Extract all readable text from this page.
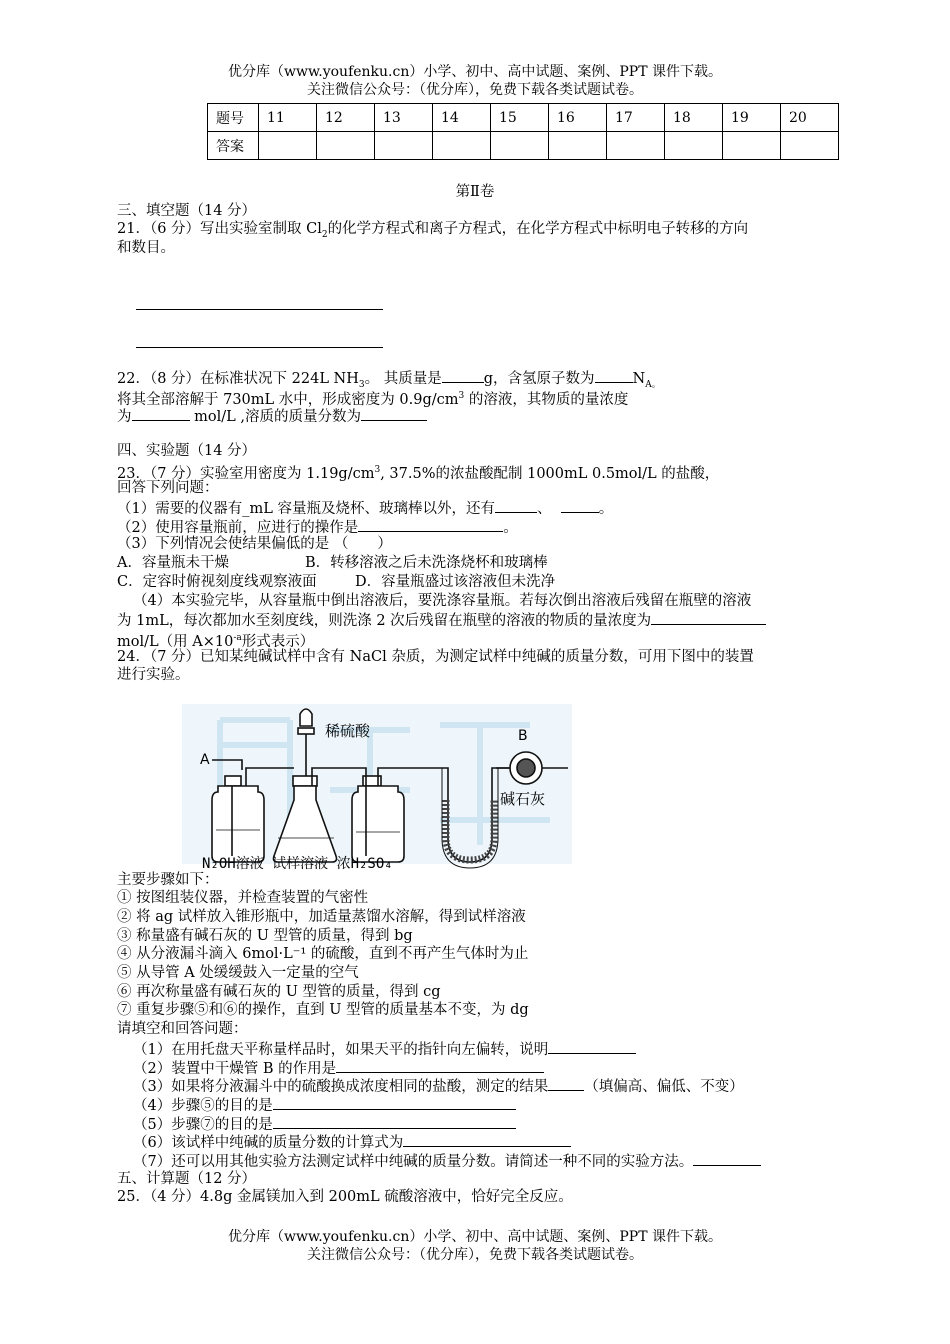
优分库（www.youfenku.cn）小学、初中、高中试题、案例、PPT 课件下载。
关注微信公众号：（优分库），免费下载各类试题试卷。
题号	11	12	13	14	15	16	17	18	19	20
答案										
第Ⅱ卷
三、填空题（14 分）
21．（6 分）写出实验室制取 $Cl_2$的化学方程式和离子方程式，在化学方程式中标明电子转移的方向
和数目。
22．（8 分）在标准状况下 224L $NH_3$。 其质量是	g，含氢原子数为	$N_{A。}$
将其全部溶解于 730mL 水中，形成密度为 $0.9g/cm^3$ 的溶液，其物质的量浓度
为	mol/L ,溶质的质量分数为
四、实验题（14 分）
23．（7 分）实验室用密度为 $1.19g/cm^3$, 37.5%的浓盐酸配制 1000mL 0.5mol/L 的盐酸，
回答下列问题：
（1）需要的仪器有_mL 容量瓶及烧杯、玻璃棒以外，还有	、	。
（2）使用容量瓶前，应进行的操作是	。
（3）下列情况会使结果偏低的是 （　　）
A．容量瓶未干燥	B．转移溶液之后未洗涤烧杯和玻璃棒
C．定容时俯视刻度线观察液面	D．容量瓶盛过该溶液但未洗净
（4）本实验完毕，从容量瓶中倒出溶液后，要洗涤容量瓶。若每次倒出溶液后残留在瓶壁的溶液
为 1mL，每次都加水至刻度线，则洗涤 2 次后残留在瓶壁的溶液的物质的量浓度为
mol/L（用 $A\times 10^{-a}$形式表示）
24．（7 分）已知某纯碱试样中含有 NaCl 杂质，为测定试样中纯碱的质量分数，可用下图中的装置
进行实验。
稀硫酸
A
B
碱石灰
N₂OH溶液 试样溶液 浓H₂SO₄
主要步骤如下：
① 按图组装仪器，并检查装置的气密性
② 将 ag 试样放入锥形瓶中，加适量蒸馏水溶解，得到试样溶液
③ 称量盛有碱石灰的 U 型管的质量，得到 bg
④ 从分液漏斗滴入 6mol·L⁻¹ 的硫酸，直到不再产生气体时为止
⑤ 从导管 A 处缓缓鼓入一定量的空气
⑥ 再次称量盛有碱石灰的 U 型管的质量，得到 cg
⑦ 重复步骤⑤和⑥的操作，直到 U 型管的质量基本不变，为 dg
请填空和回答问题：
（1）在用托盘天平称量样品时，如果天平的指针向左偏转，说明
（2）装置中干燥管 B 的作用是
（3）如果将分液漏斗中的硫酸换成浓度相同的盐酸，测定的结果 （填偏高、偏低、不变）
（4）步骤⑤的目的是
（5）步骤⑦的目的是
（6）该试样中纯碱的质量分数的计算式为
（7）还可以用其他实验方法测定试样中纯碱的质量分数。请简述一种不同的实验方法。
五、计算题（12 分）
25．（4 分）4.8g 金属镁加入到 200mL 硫酸溶液中，恰好完全反应。
优分库（www.youfenku.cn）小学、初中、高中试题、案例、PPT 课件下载。
关注微信公众号：（优分库），免费下载各类试题试卷。
